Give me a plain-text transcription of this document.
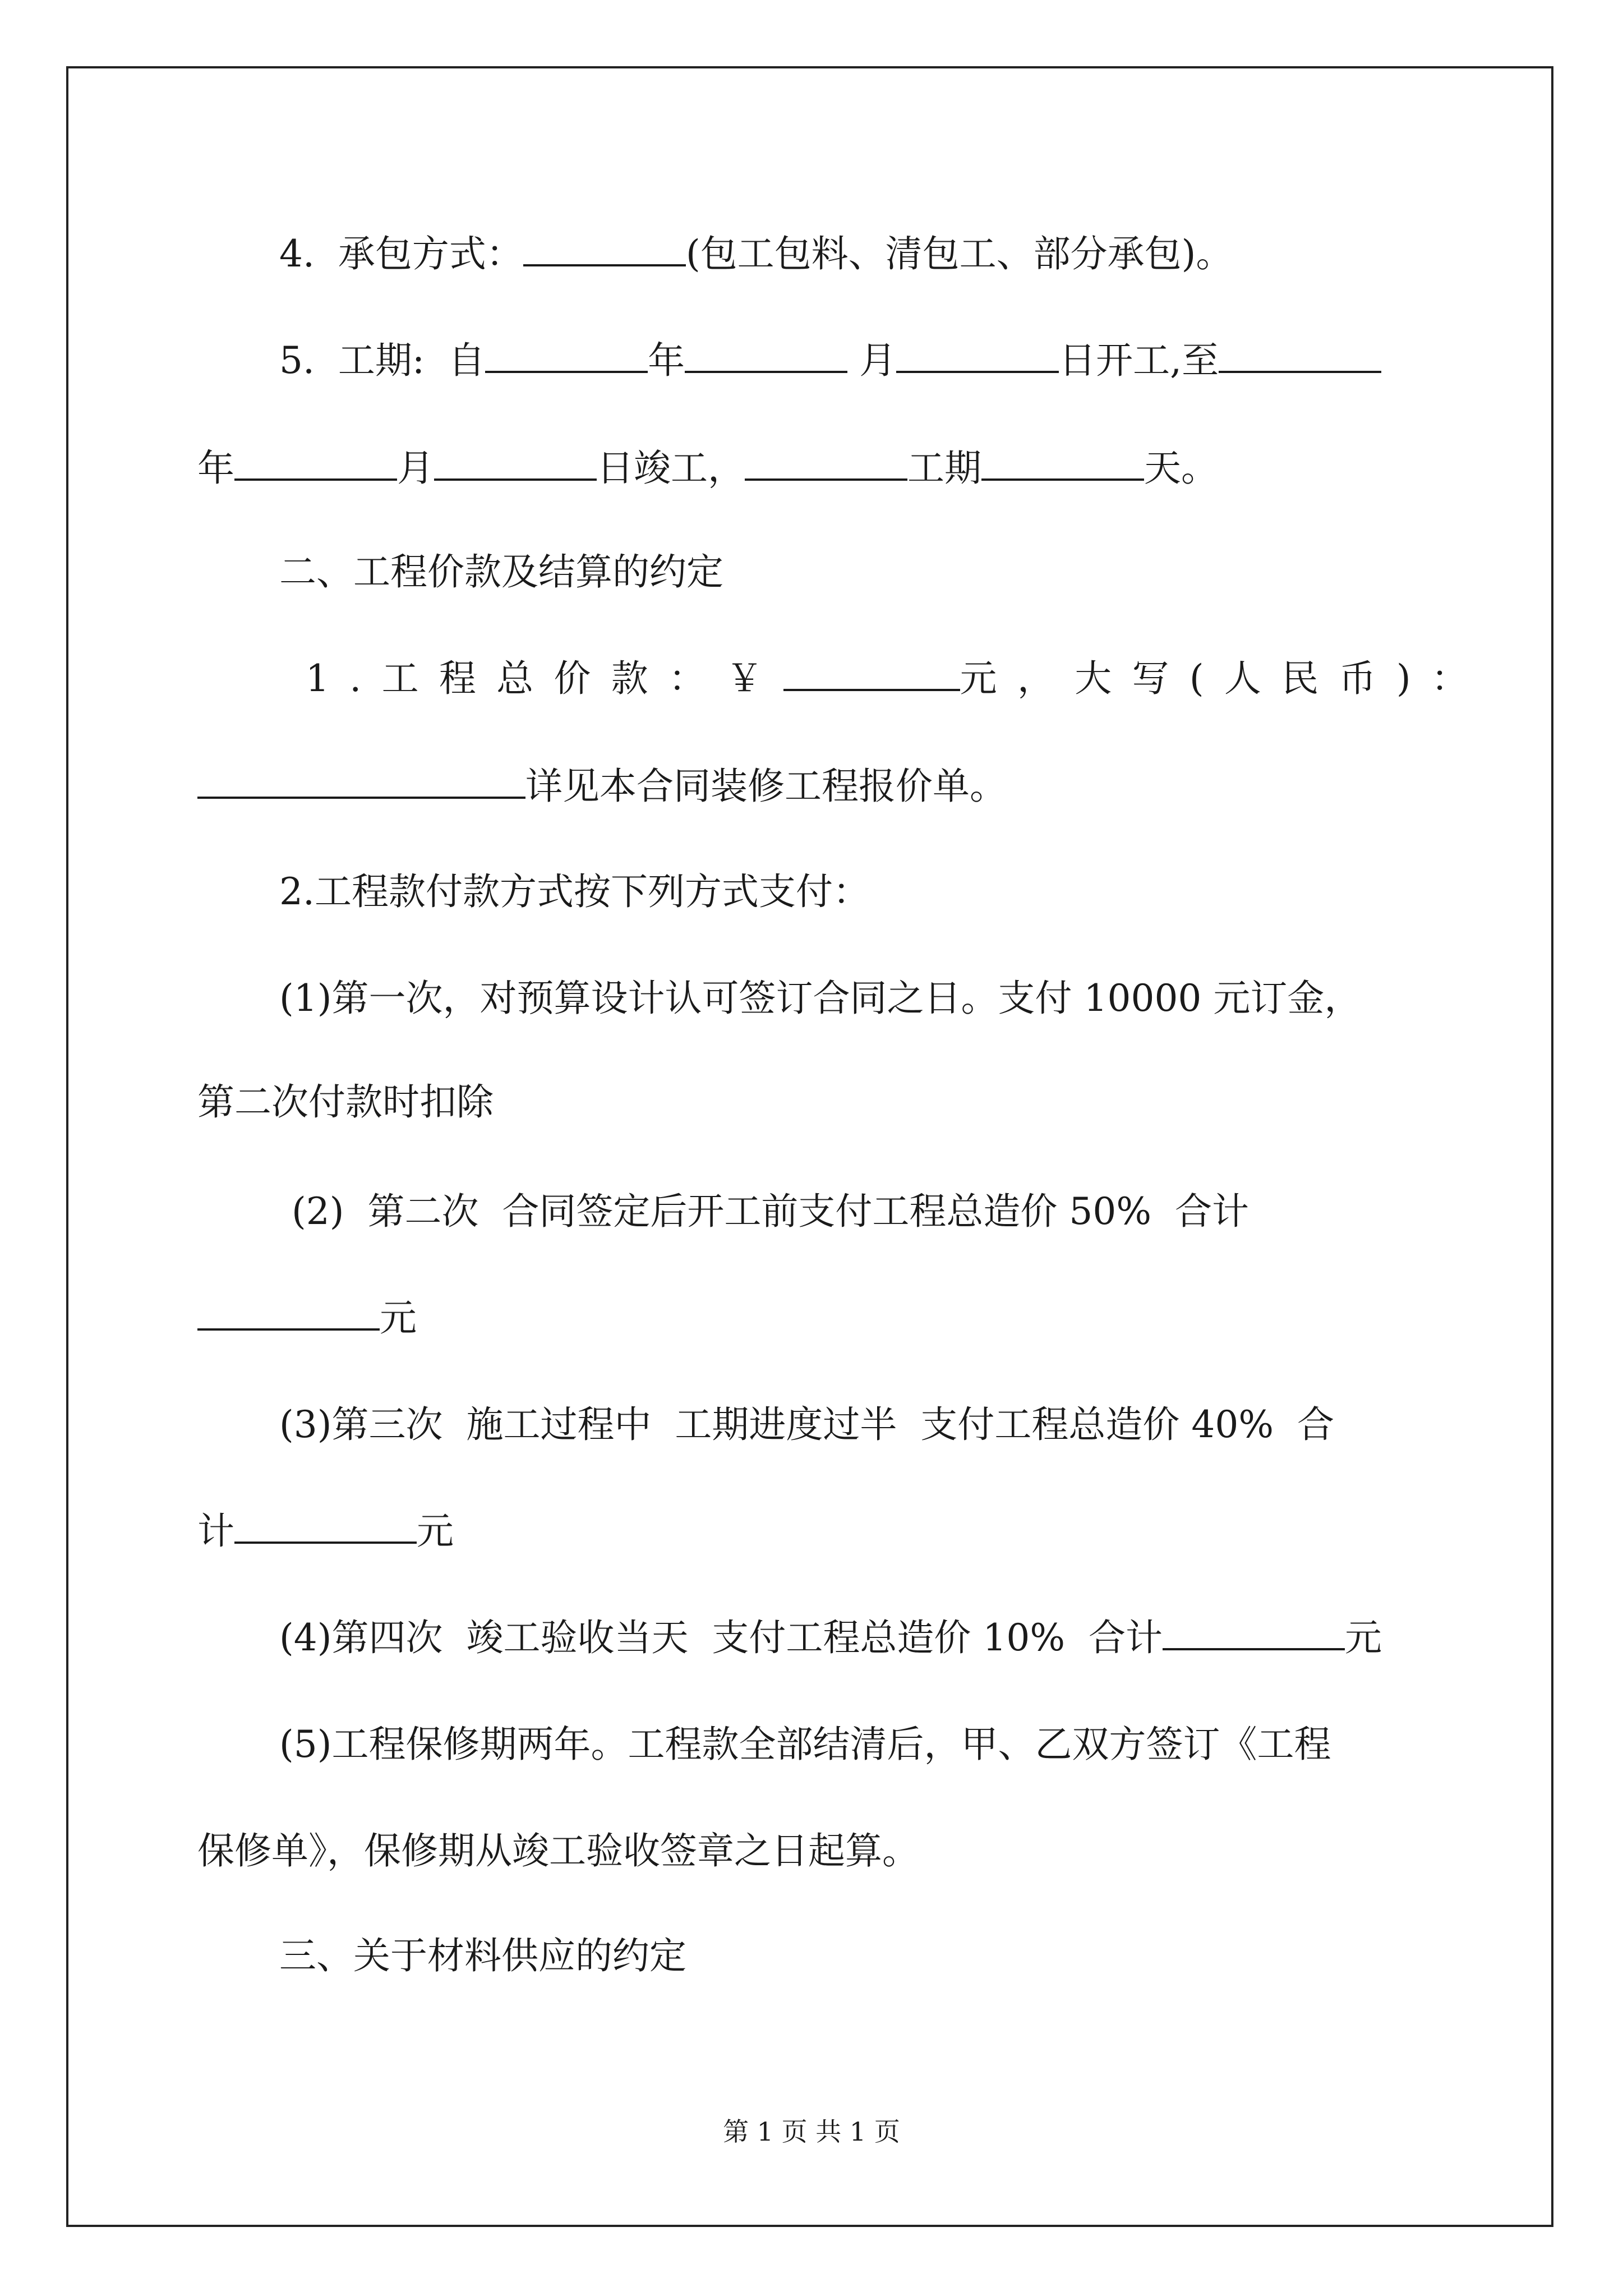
4.  承包方式：	(包工包料、清包工、部分承包)。

5.  工期:  自	年	月	日开工,至

年	月	日竣工，	工期	天。

二、工程价款及结算的约定

1.工程总价款：￥	元，大写(人民币)：

详见本合同装修工程报价单。

2.工程款付款方式按下列方式支付：

(1)第一次，对预算设计认可签订合同之日。支付 10000 元订金，

第二次付款时扣除

(2)  第二次  合同签定后开工前支付工程总造价 50%  合计

元

(3)第三次  施工过程中  工期进度过半  支付工程总造价 40%  合

计	元

(4)第四次  竣工验收当天  支付工程总造价 10%  合计	元

(5)工程保修期两年。工程款全部结清后，甲、乙双方签订《工程

保修单》，保修期从竣工验收签章之日起算。

三、关于材料供应的约定

第 1 页 共 1 页
